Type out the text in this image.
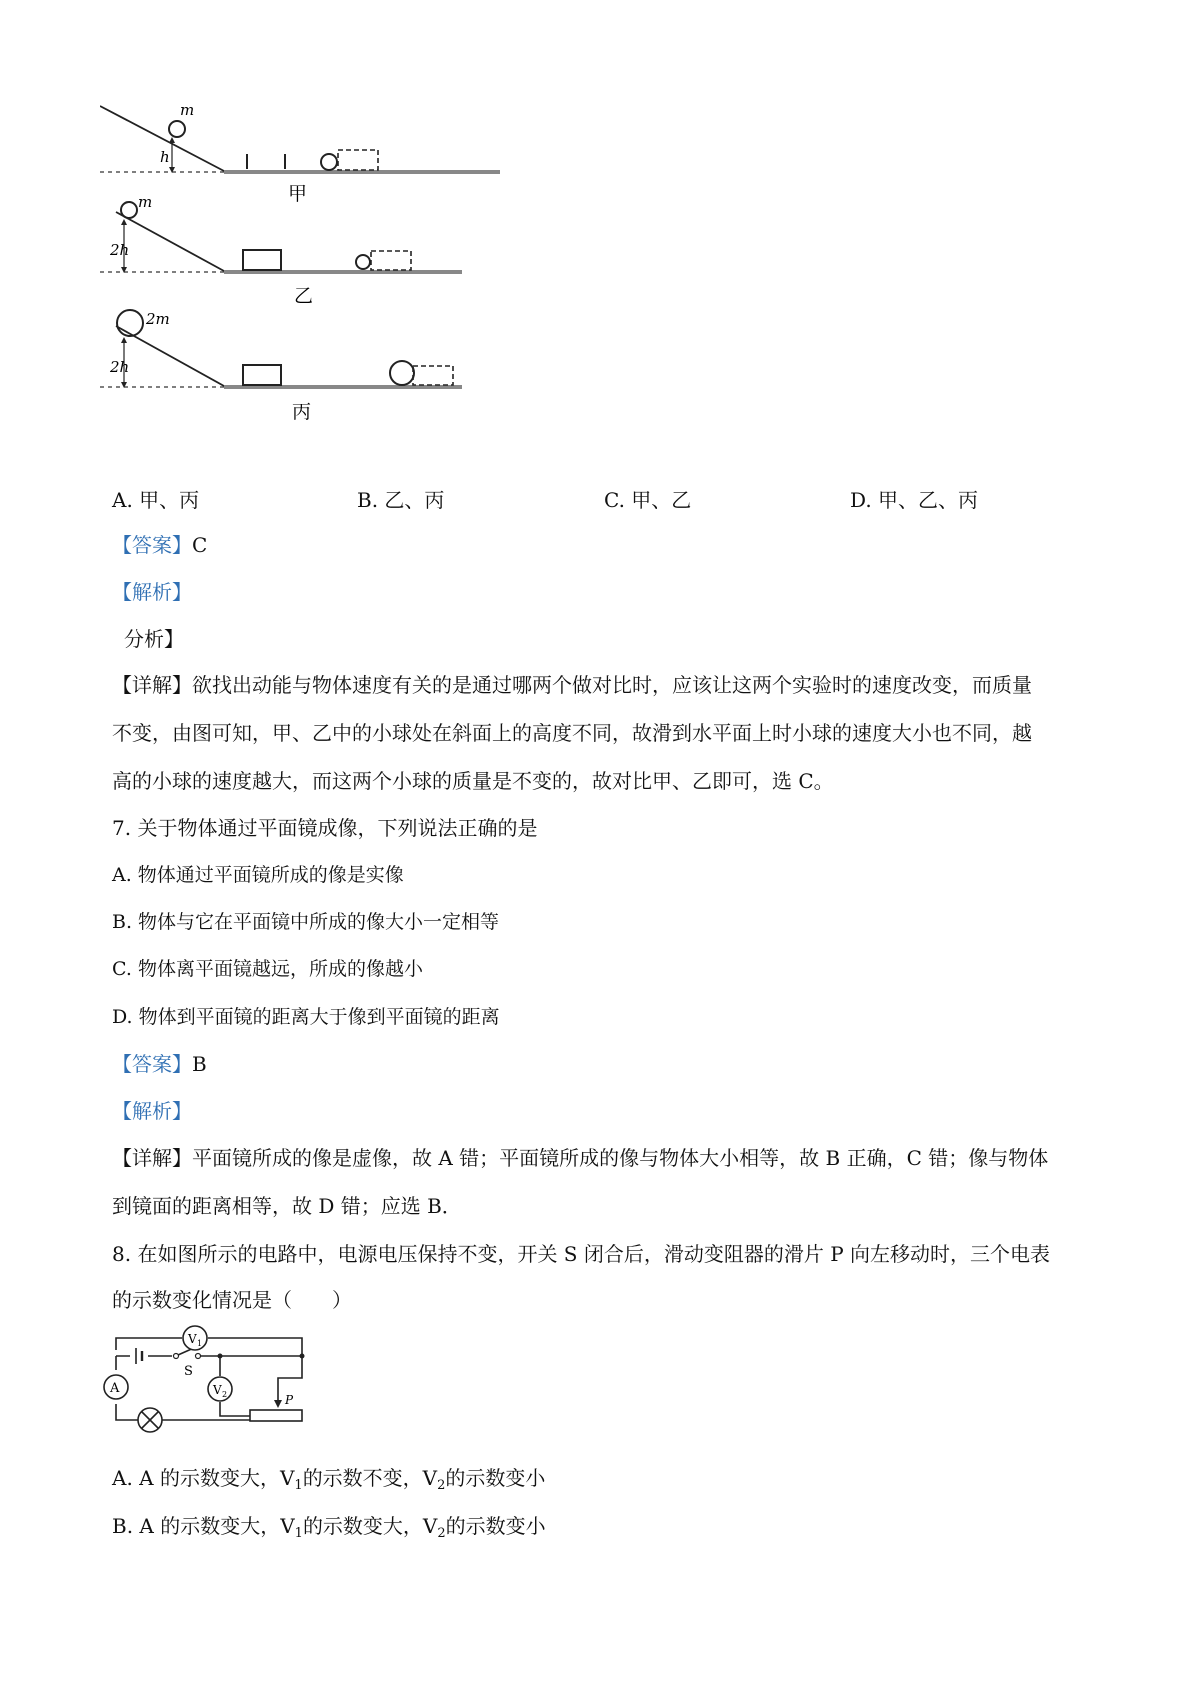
m
h
甲
m
2h
乙
2m
2h
丙
A. 甲、丙	B. 乙、丙	C. 甲、乙	D. 甲、乙、丙
【答案】C
【解析】
分析】
【详解】欲找出动能与物体速度有关的是通过哪两个做对比时，应该让这两个实验时的速度改变，而质量
不变，由图可知，甲、乙中的小球处在斜面上的高度不同，故滑到水平面上时小球的速度大小也不同，越
高的小球的速度越大，而这两个小球的质量是不变的，故对比甲、乙即可，选 C。
7. 关于物体通过平面镜成像，下列说法正确的是
A. 物体通过平面镜所成的像是实像
B. 物体与它在平面镜中所成的像大小一定相等
C. 物体离平面镜越远，所成的像越小
D. 物体到平面镜的距离大于像到平面镜的距离
【答案】B
【解析】
【详解】平面镜所成的像是虚像，故 A 错；平面镜所成的像与物体大小相等，故 B 正确，C 错；像与物体
到镜面的距离相等，故 D 错；应选 B．
8. 在如图所示的电路中，电源电压保持不变，开关 S 闭合后，滑动变阻器的滑片 P 向左移动时，三个电表
的示数变化情况是（　　）
V 1
V 2
A
S
P
A. A 的示数变大，$V_1$的示数不变，$V_2$的示数变小
B. A 的示数变大，$V_1$的示数变大，$V_2$的示数变小
